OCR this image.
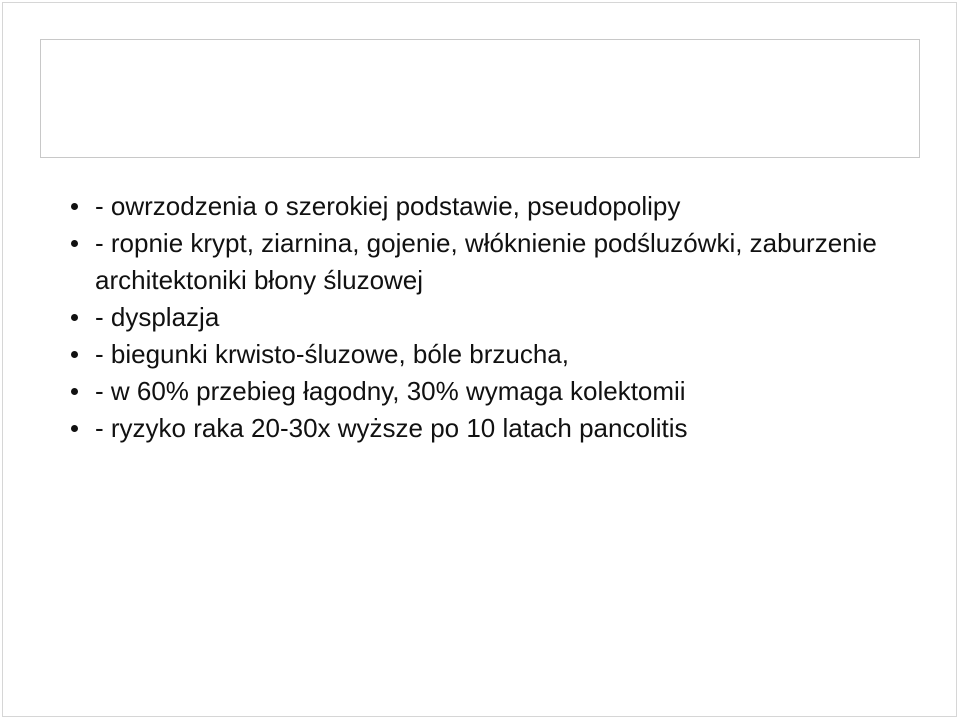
- owrzodzenia o szerokiej podstawie, pseudopolipy
- ropnie krypt, ziarnina, gojenie, włóknienie podśluzówki, zaburzenie architektoniki błony śluzowej
- dysplazja
- biegunki krwisto-śluzowe, bóle brzucha,
- w 60% przebieg łagodny, 30% wymaga kolektomii
- ryzyko raka 20-30x wyższe po 10 latach pancolitis
